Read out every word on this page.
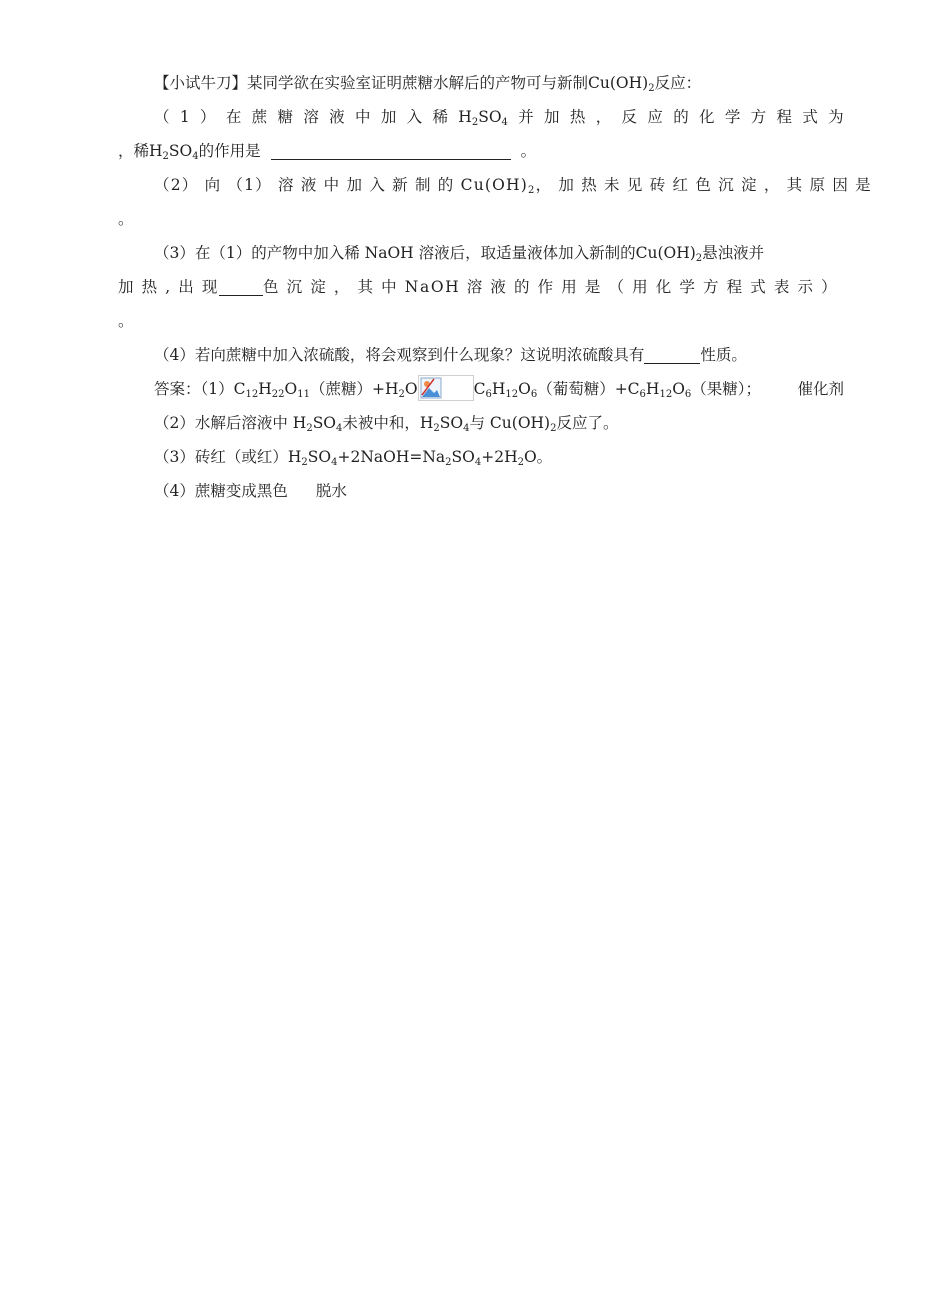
【小试牛刀】某同学欲在实验室证明蔗糖水解后的产物可与新制$Cu(OH)_2$反应：
（ 1 ） 在 蔗 糖 溶 液 中 加 入 稀 $H_2SO_4$ 并 加 热 ， 反 应 的 化 学 方 程 式 为
，稀$H_2SO_4$的作用是	。
（2） 向 （1） 溶 液 中 加 入 新 制 的 $Cu(OH)_2$， 加 热 未 见 砖 红 色 沉 淀 ， 其 原 因 是
。
（3）在（1）的产物中加入稀 NaOH 溶液后，取适量液体加入新制的$Cu(OH)_2$悬浊液并
加 热 , 出 现	色 沉 淀 ， 其 中 NaOH 溶 液 的 作 用 是 （ 用 化 学 方 程 式 表 示 ）
。
（4）若向蔗糖中加入浓硫酸，将会观察到什么现象？这说明浓硫酸具有	性质。
答案：$(1)C_{12}H_{22}O_{11}$（蔗糖）$+H_2O$	$C_6H_{12}O_6$（葡萄糖）$+C_6H_{12}O_6$（果糖）； 催化剂
（2）水解后溶液中 $H_2SO_4$未被中和，$H_2SO_4$与 $Cu(OH)_2$反应了。
（3）砖红（或红）$H_2SO_4+2NaOH=Na_2SO_4+2H_2O$。
（4）蔗糖变成黑色 脱水
